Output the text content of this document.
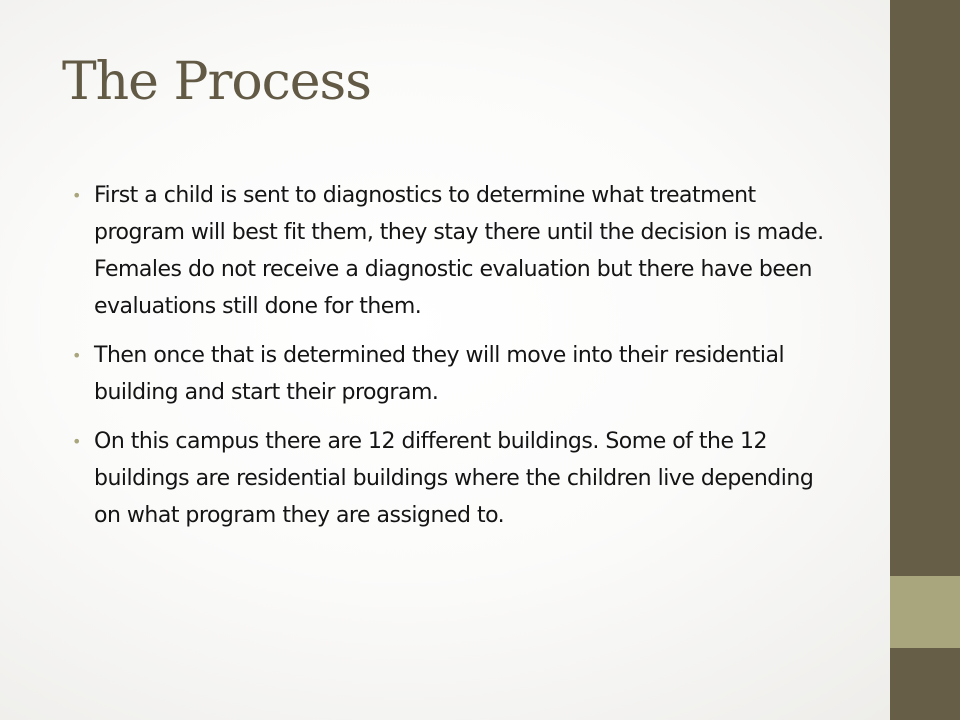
The Process
• First a child is sent to diagnostics to determine what treatment program will best fit them, they stay there until the decision is made. Females do not receive a diagnostic evaluation but there have been evaluations still done for them.
• Then once that is determined they will move into their residential building and start their program.
• On this campus there are 12 different buildings. Some of the 12 buildings are residential buildings where the children live depending on what program they are assigned to.
